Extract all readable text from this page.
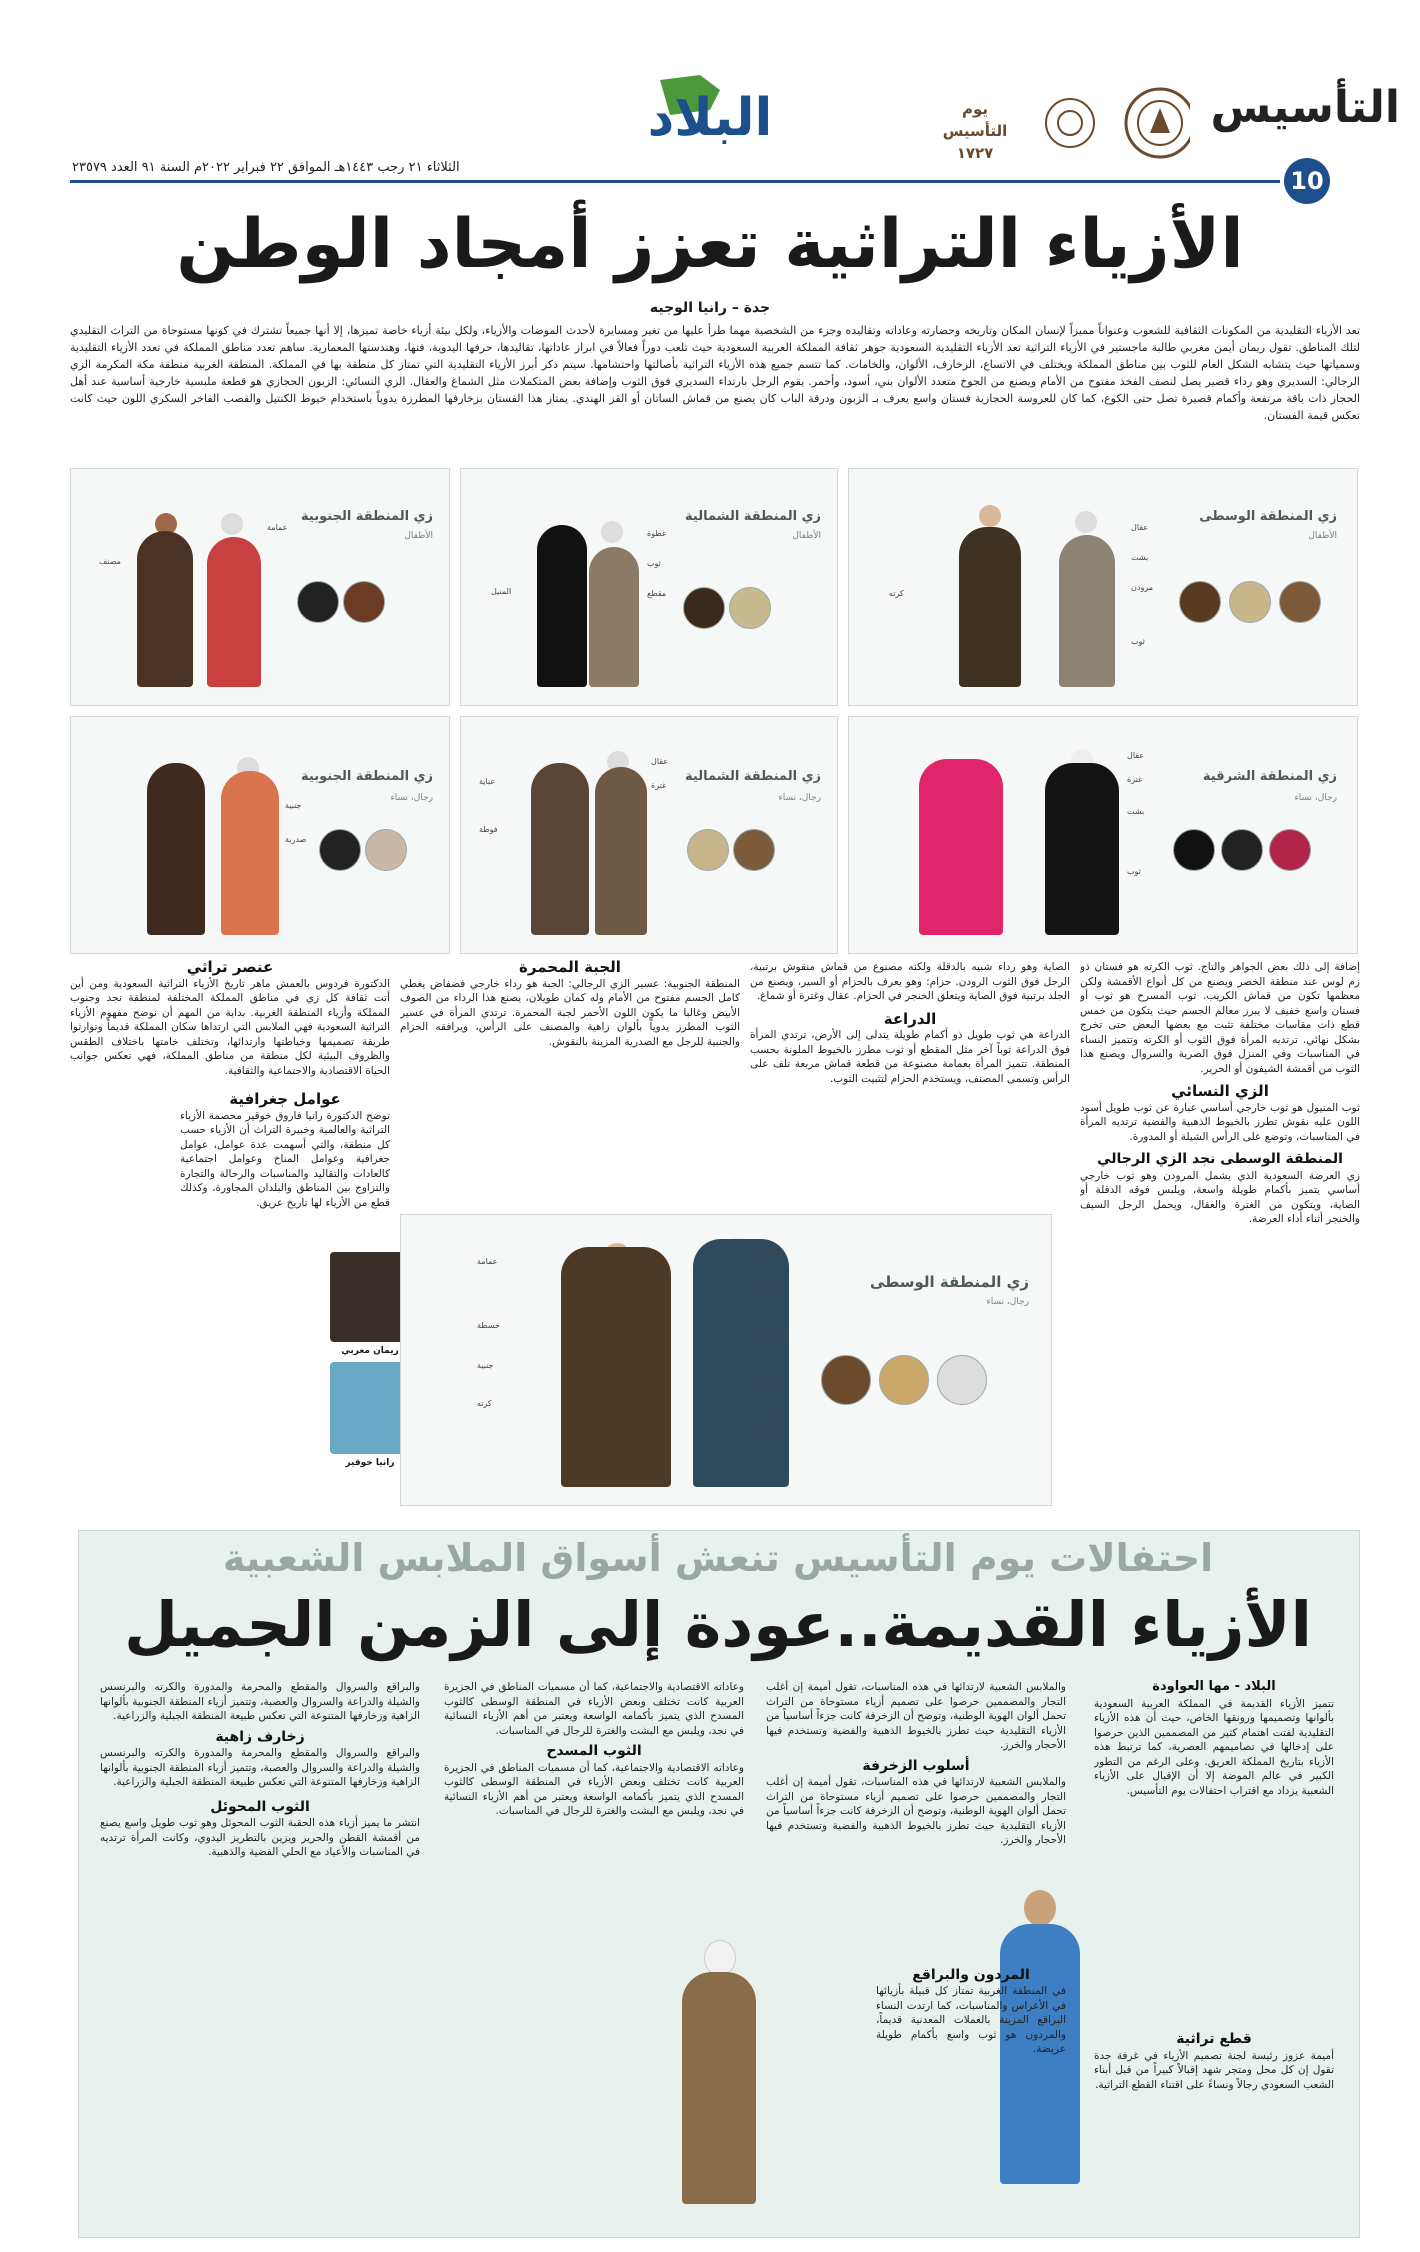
التأسيس
10
الثلاثاء ٢١ رجب ١٤٤٣هـ الموافق ٢٢ فبراير ٢٠٢٢م السنة ٩١ العدد ٢٣٥٧٩
يوم التأسيس ١٧٢٧
البلاد
الأزياء التراثية تعزز أمجاد الوطن
جدة – رانيا الوجيه
تعد الأزياء التقليدية من المكونات الثقافية للشعوب وعنواناً مميزاً لإنسان المكان وتاريخه وحضارته وعاداته وتقاليده وجزء من الشخصية مهما طرأ عليها من تغير ومسايرة لأحدث الموضات والأزياء، ولكل بيئة أزياء خاصة تميزها، إلا أنها جميعاً تشترك في كونها مستوحاة من التراث التقليدي لتلك المناطق. تقول ريمان أيمن مغربي طالبة ماجستير في الأزياء التراثية تعد الأزياء التقليدية السعودية جوهر ثقافة المملكة العربية السعودية حيث تلعب دوراً فعالاً في ابراز عاداتها، تقاليدها، حرفها اليدوية، فنها، وهندستها المعمارية. ساهم تعدد مناطق المملكة في تعدد الأزياء التقليدية وسمياتها حيث يتشابه الشكل العام للثوب بين مناطق المملكة ويختلف في الاتساع، الزخارف، الألوان، والخامات. كما تتسم جميع هذه الأزياء التراثية بأصالتها واحتشامها. سيتم ذكر أبرز الأزياء التقليدية التي تمتاز كل منطقة بها في المملكة. المنطقة الغربية منطقة مكة المكرمة الزي الرجالي: السديري وهو رداء قصير يصل لنصف الفخذ مفتوح من الأمام ويصنع من الجوخ متعدد الألوان بني، أسود، وأحمر. يقوم الرجل بارتداء السديري فوق الثوب وإضافة بعض المتكملات مثل الشماغ والعقال. الزي النسائي: الزبون الحجازي هو قطعة ملبسية خارجية أساسية عند أهل الحجاز ذات ياقة مرتفعة وأكمام قصيرة تصل حتى الكوع، كما كان للعروسة الحجازية فستان واسع يعرف بـ الزبون ودرقة الباب كان يصنع من قماش الساتان أو القز الهندي. يمتاز هذا الفستان بزخارفها المطرزة يدوياً باستخدام خيوط الكنتيل والقصب الفاخر السكري اللون حيث كانت تعكس قيمة الفستان.
زي المنطقة الوسطى
الأطفال
عقال
بشت
مرودن
ثوب
كرته
زي المنطقة الشمالية
الأطفال
غطوة
ثوب
مقطع
المنيل
زي المنطقة الجنوبية
الأطفال
عمامة
مصنف
زي المنطقة الشرقية
رجال، نساء
عقال
غترة
بشت
ثوب
زي المنطقة الشمالية
رجال، نساء
عقال
غترة
عباية
فوطة
زي المنطقة الجنوبية
رجال، نساء
جنبية
صدرية
إضافة إلى ذلك بعض الجواهر والتاج. ثوب الكرته هو فستان ذو زم لوس عند منطقة الخصر ويصنع من كل أنواع الأقمشة ولكن معظمها تكون من قماش الكريب. ثوب المسرح هو ثوب أو فستان واسع خفيف لا يبرز معالم الجسم حيث يتكون من خمس قطع ذات مقاسات مختلفة تثبت مع بعضها البعض حتى تخرج بشكل نهائي. ترتديه المرأة فوق الثوب أو الكرته وتتميز النساء في المناسبات وفي المنزل فوق الصرية والسروال ويصنع هذا الثوب من أقمشة الشيفون أو الحرير.
الزي النسائي
ثوب المنيول هو ثوب خارجي أساسي عبارة عن ثوب طويل أسود اللون عليه نقوش تطرز بالخيوط الذهبية والفضية ترتديه المرأة في المناسبات، وتوضع على الرأس الشيلة أو المدورة.
المنطقة الوسطى نجد الزي الرجالي
زي العرضة السعودية الذي يشمل المرودن وهو ثوب خارجي أساسي يتميز بأكمام طويلة واسعة، ويلبس فوقه الدقلة أو الصاية، ويتكون من الغترة والعقال، ويحمل الرجل السيف والخنجر أثناء أداء العرضة.
الصاية وهو رداء شبيه بالدقلة ولكنه مصنوع من قماش منقوش برتبية، الرجل فوق الثوب الرودن. حزام: وهو يعرف بالحزام أو السير، ويصنع من الجلد برتبية فوق الصاية ويتعلق الخنجر في الحزام. عقال وغترة أو شماغ.
الدراعة
الدراعة هي ثوب طويل ذو أكمام طويلة يتدلى إلى الأرض، ترتدي المرأة فوق الدراعة ثوباً آخر مثل المقطع أو ثوب مطرز بالخيوط الملونة بحسب المنطقة. تتميز المرأة بعمامة مصنوعة من قطعة قماش مربعة تلف على الرأس وتسمى المصنف، ويستخدم الحزام لتثبيت الثوب.
الجبة المحمرة
المنطقة الجنوبية: عسير الزي الرجالي: الجبة هو رداء خارجي فضفاض يغطي كامل الجسم مفتوح من الأمام وله كمان طويلان، يصنع هذا الرداء من الصوف الأبيض وغالبا ما يكون اللون الأحمر لجبة المحمرة. ترتدي المرأة في عسير الثوب المطرز يدوياً بألوان زاهية والمصنف على الرأس، ويرافقه الحزام والجنبية للرجل مع الصدرية المزينة بالنقوش.
عنصر تراثي
الدكتورة فردوس بالعمش ماهر تاريخ الأزياء التراثية السعودية ومن أين أتت ثقافة كل زي في مناطق المملكة المختلفة لمنطقة نجد وجنوب المملكة وأزياء المنطقة الغربية. بداية من المهم أن نوضح مفهوم الأزياء التراثية السعودية فهي الملابس التي ارتداها سكان المملكة قديماً وتوارثوا طريقة تصميمها وخياطتها وارتدائها، وتختلف خامتها باختلاف الطقس والظروف البيئية لكل منطقة من مناطق المملكة، فهي تعكس جوانب الحياة الاقتصادية والاجتماعية والثقافية.
عوامل جغرافية
توضح الدكتورة رانيا فاروق خوقير محصمة الأزياء التراثية والعالمية وخبيرة التراث أن الأزياء حسب كل منطقة، والتي أسهمت عدة عوامل، عوامل جغرافية وعوامل المناخ وعوامل اجتماعية كالعادات والتقاليد والمناسبات والرحالة والتجارة والتزاوج بين المناطق والبلدان المجاورة، وكذلك قطع من الأزياء لها تاريخ عريق.
ريمان مغربي
رانيا خوقير
زي المنطقة الوسطى
رجال، نساء
عقال
غترة
المرودن
عمامة
بشت
ثوب
خسطة
كرته
جنبية
احتفالات يوم التأسيس تنعش أسواق الملابس الشعبية
الأزياء القديمة..عودة إلى الزمن الجميل
البلاد - مها العواودة
تتميز الأزياء القديمة في المملكة العربية السعودية بألوانها وتصميمها ورونقها الخاص، حيث أن هذه الأزياء التقليدية لفتت اهتمام كثير من المصممين الذين حرصوا على إدخالها في تصاميمهم العصرية، كما ترتبط هذه الأزياء بتاريخ المملكة العريق. وعلى الرغم من التطور الكبير في عالم الموضة إلا أن الإقبال على الأزياء الشعبية يزداد مع اقتراب احتفالات يوم التأسيس.
قطع تراثية
أميمة عزوز رئيسة لجنة تصميم الأزياء في غرفة جدة تقول إن كل محل ومتجر شهد إقبالاً كبيراً من قبل أبناء الشعب السعودي رجالاً ونساءً على اقتناء القطع التراثية.
والملابس الشعبية لارتدائها في هذه المناسبات، تقول أميمة إن أغلب التجار والمصممين حرصوا على تصميم أزياء مستوحاة من التراث تحمل ألوان الهوية الوطنية، وتوضح أن الزخرفة كانت جزءاً أساسياً من الأزياء التقليدية حيث تطرز بالخيوط الذهبية والفضية وتستخدم فيها الأحجار والخرز.
أسلوب الزخرفة
والملابس الشعبية لارتدائها في هذه المناسبات، تقول أميمة إن أغلب التجار والمصممين حرصوا على تصميم أزياء مستوحاة من التراث تحمل ألوان الهوية الوطنية، وتوضح أن الزخرفة كانت جزءاً أساسياً من الأزياء التقليدية حيث تطرز بالخيوط الذهبية والفضية وتستخدم فيها الأحجار والخرز.
المردون والبراقع
في المنطقة الغربية تمتاز كل قبيلة بأزيائها في الأعراس والمناسبات، كما ارتدت النساء البراقع المزينة بالعملات المعدنية قديماً، والمردون هو ثوب واسع بأكمام طويلة عريضة.
وعاداته الاقتصادية والاجتماعية، كما أن مسميات المناطق في الجزيرة العربية كانت تختلف وبعض الأزياء في المنطقة الوسطى كالثوب المسدح الذي يتميز بأكمامه الواسعة ويعتبر من أهم الأزياء النسائية في نجد، ويلبس مع البشت والغترة للرجال في المناسبات.
الثوب المسدح
وعاداته الاقتصادية والاجتماعية، كما أن مسميات المناطق في الجزيرة العربية كانت تختلف وبعض الأزياء في المنطقة الوسطى كالثوب المسدح الذي يتميز بأكمامه الواسعة ويعتبر من أهم الأزياء النسائية في نجد، ويلبس مع البشت والغترة للرجال في المناسبات.
والبراقع والسروال والمقطع والمحرمة والمدورة والكرته والبرنسس والشيلة والدراعة والسروال والعصبة، وتتميز أزياء المنطقة الجنوبية بألوانها الزاهية وزخارفها المتنوعة التي تعكس طبيعة المنطقة الجبلية والزراعية.
زخارف زاهية
والبراقع والسروال والمقطع والمحرمة والمدورة والكرته والبرنسس والشيلة والدراعة والسروال والعصبة، وتتميز أزياء المنطقة الجنوبية بألوانها الزاهية وزخارفها المتنوعة التي تعكس طبيعة المنطقة الجبلية والزراعية.
الثوب المحوئل
انتشر ما يميز أزياء هذه الحقبة الثوب المحوئل وهو ثوب طويل واسع يصنع من أقمشة القطن والحرير ويزين بالتطريز اليدوي، وكانت المرأة ترتديه في المناسبات والأعياد مع الحلي الفضية والذهبية.
